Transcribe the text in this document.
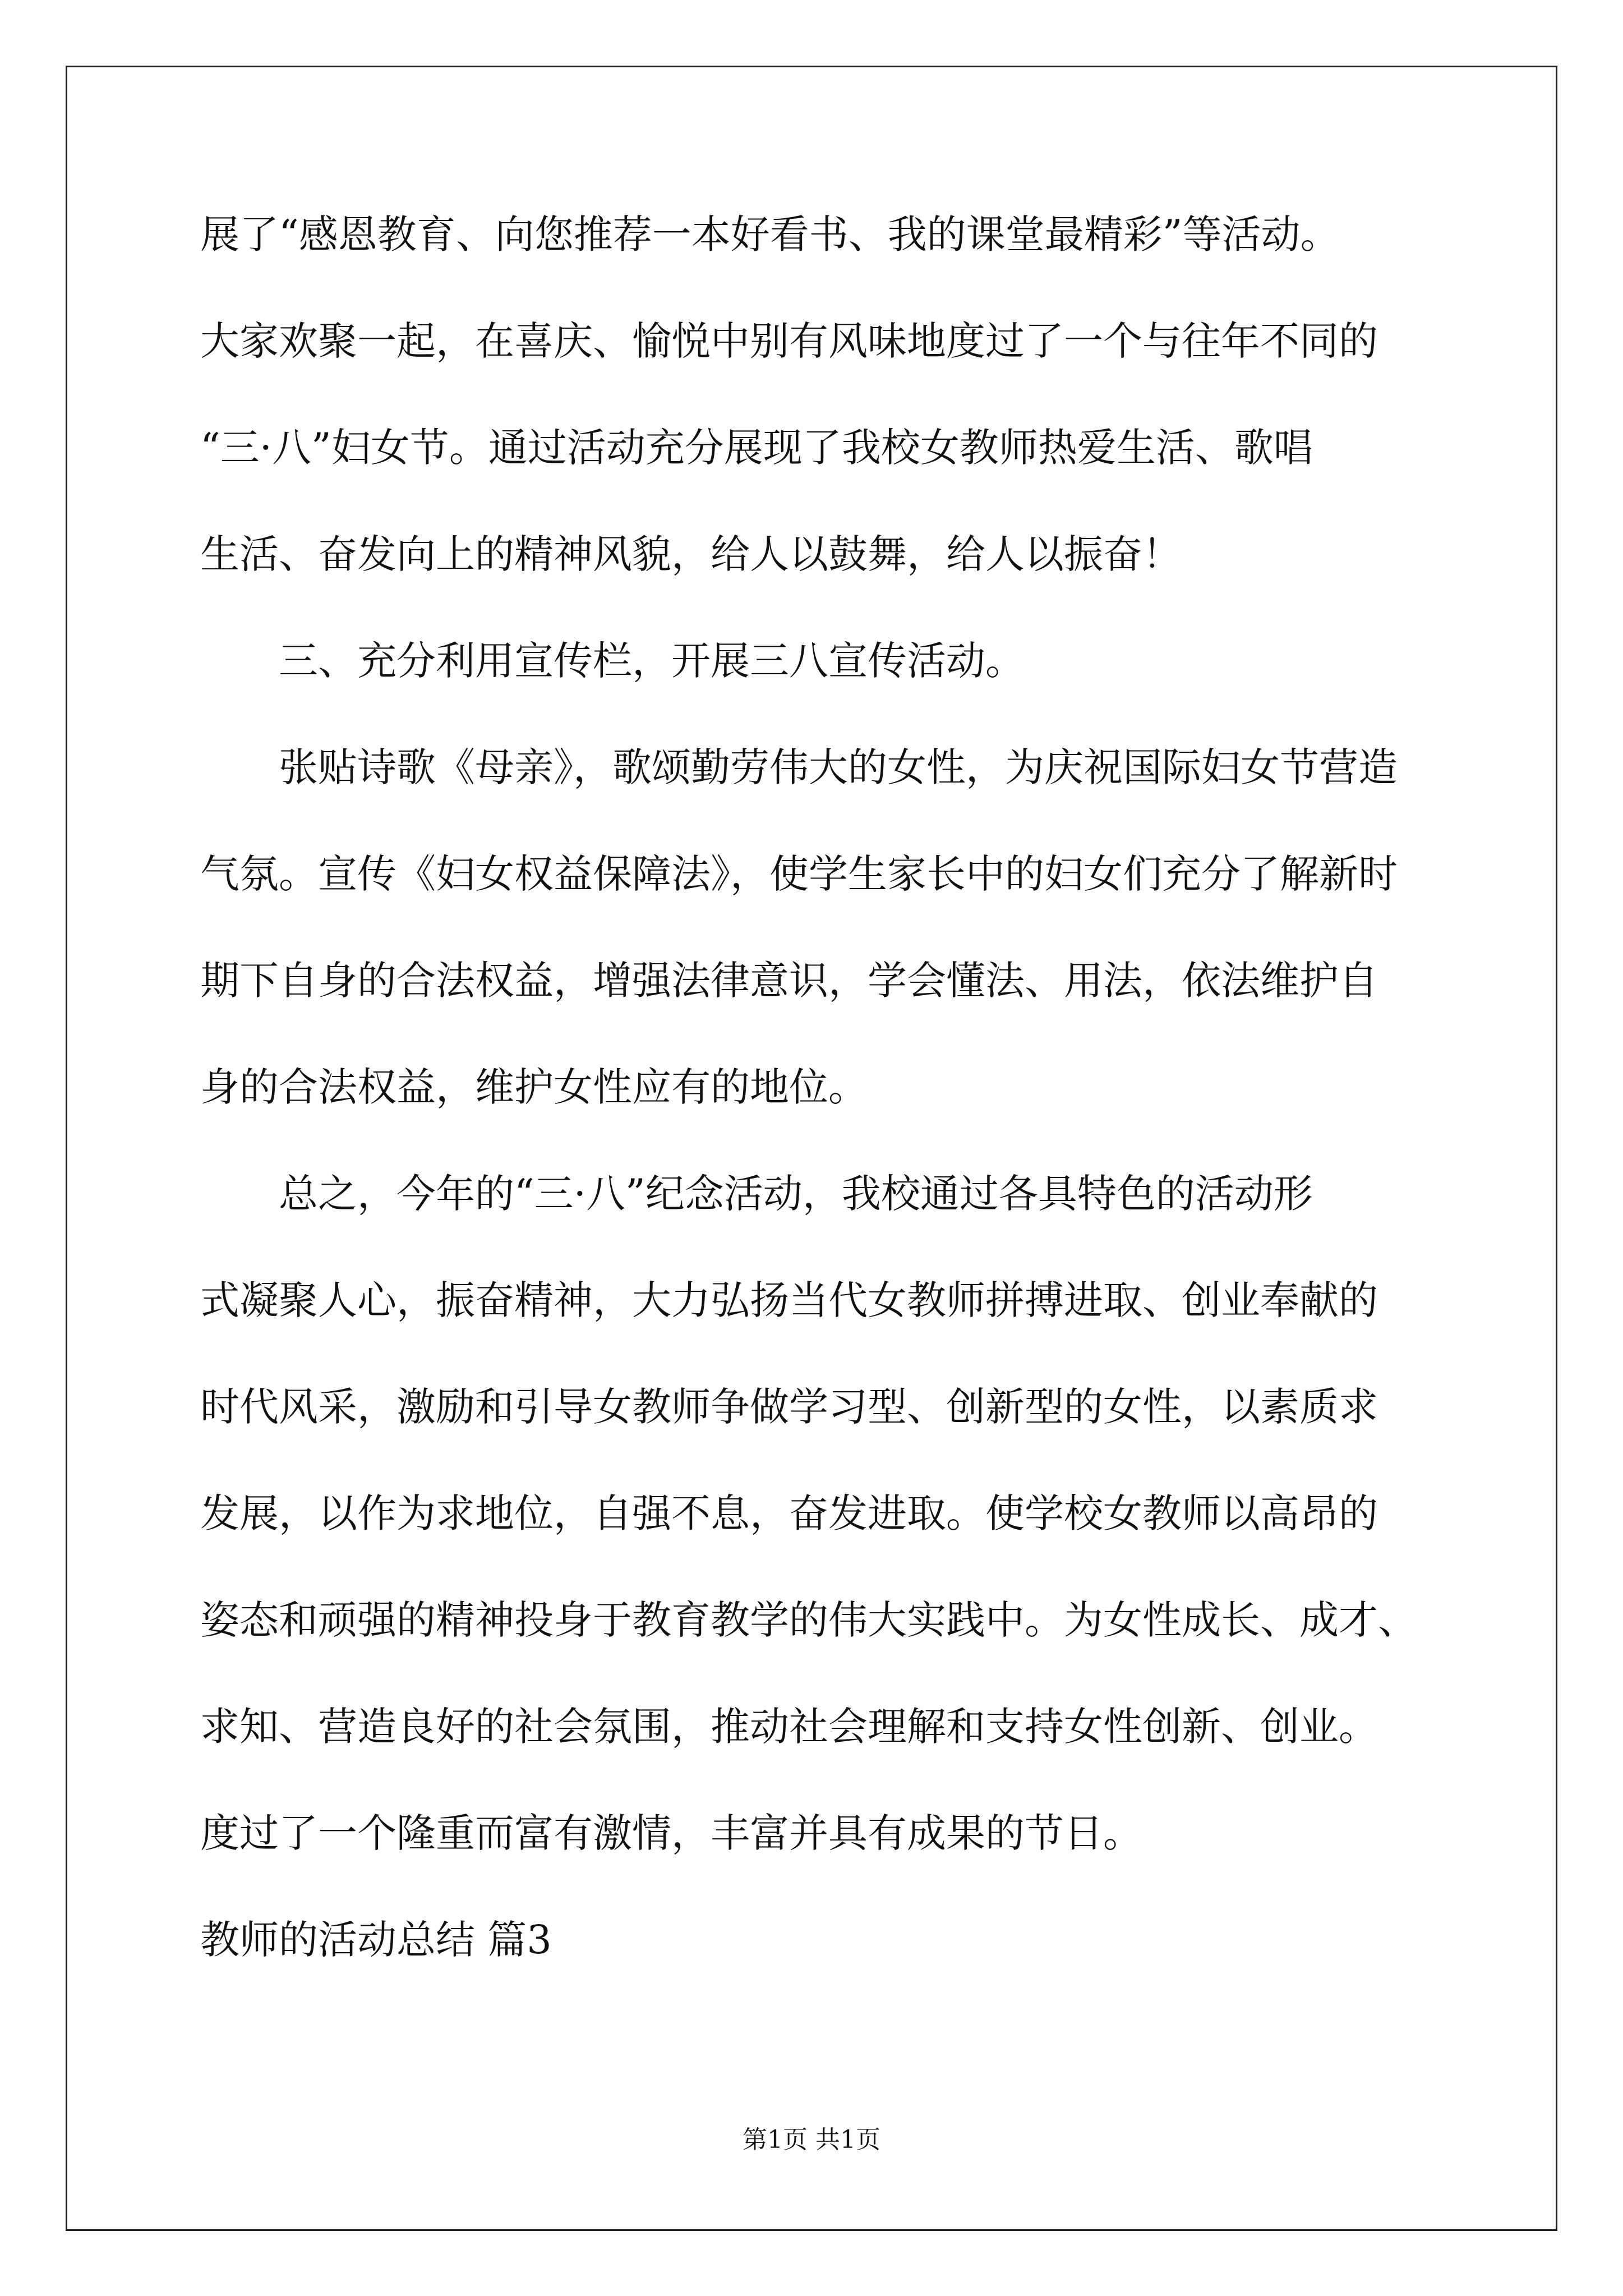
展了“感恩教育、向您推荐一本好看书、我的课堂最精彩”等活动。
大家欢聚一起，在喜庆、愉悦中别有风味地度过了一个与往年不同的
“三·八”妇女节。通过活动充分展现了我校女教师热爱生活、歌唱
生活、奋发向上的精神风貌，给人以鼓舞，给人以振奋！
三、充分利用宣传栏，开展三八宣传活动。
张贴诗歌《母亲》，歌颂勤劳伟大的女性，为庆祝国际妇女节营造
气氛。宣传《妇女权益保障法》，使学生家长中的妇女们充分了解新时
期下自身的合法权益，增强法律意识，学会懂法、用法，依法维护自
身的合法权益，维护女性应有的地位。
总之，今年的“三·八”纪念活动，我校通过各具特色的活动形
式凝聚人心，振奋精神，大力弘扬当代女教师拼搏进取、创业奉献的
时代风采，激励和引导女教师争做学习型、创新型的女性，以素质求
发展，以作为求地位，自强不息，奋发进取。使学校女教师以高昂的
姿态和顽强的精神投身于教育教学的伟大实践中。为女性成长、成才、
求知、营造良好的社会氛围，推动社会理解和支持女性创新、创业。
度过了一个隆重而富有激情，丰富并具有成果的节日。
教师的活动总结 篇3
第1页 共1页
